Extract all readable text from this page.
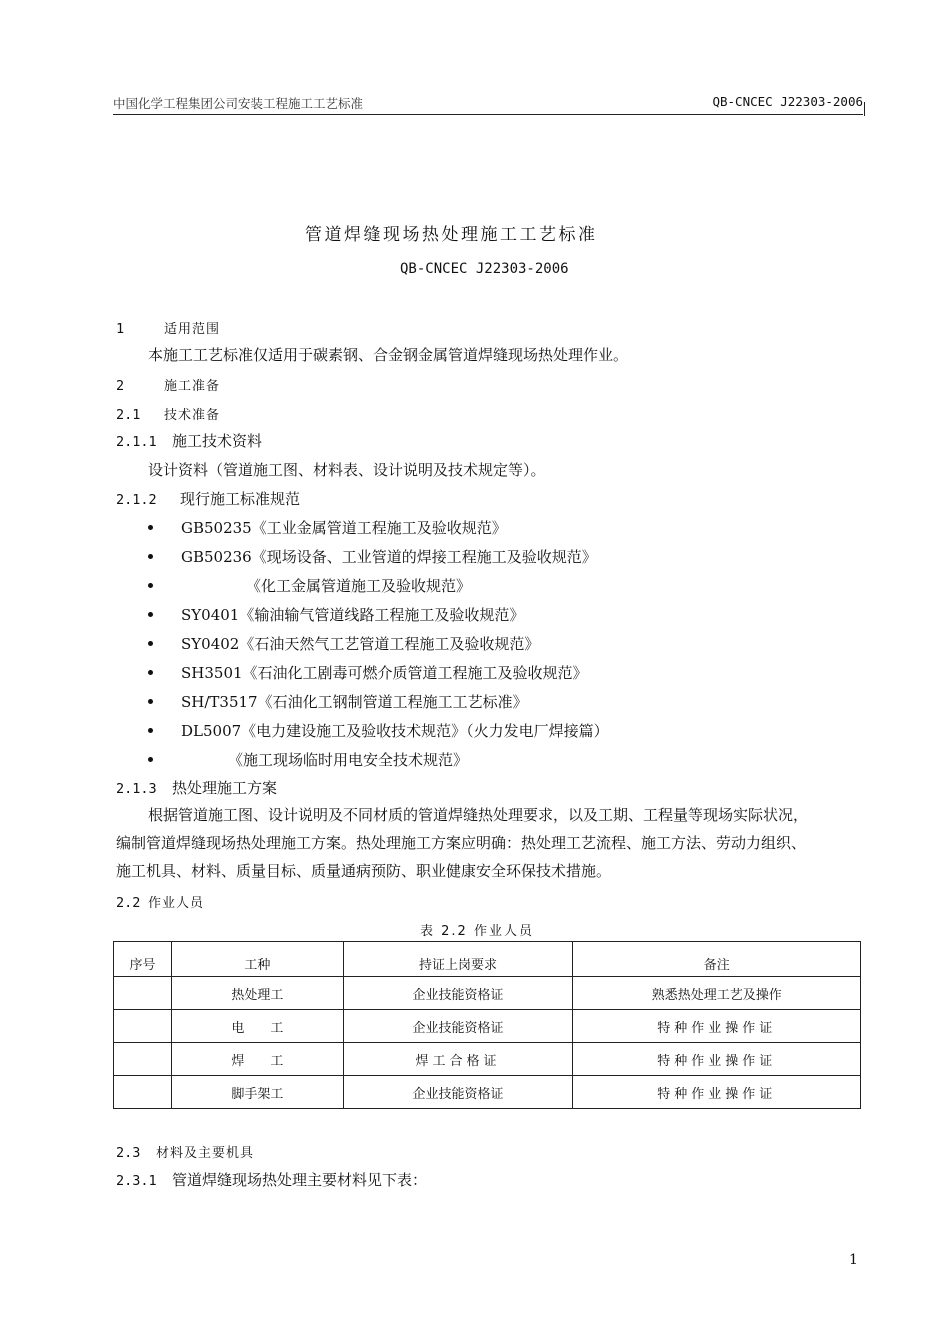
中国化学工程集团公司安装工程施工工艺标准	QB-CNCEC J22303-2006
管道焊缝现场热处理施工工艺标准
QB-CNCEC J22303-2006
1	适用范围
本施工工艺标准仅适用于碳素钢、合金钢金属管道焊缝现场热处理作业。
2	施工准备
2.1 技术准备
2.1.1 施工技术资料
设计资料（管道施工图、材料表、设计说明及技术规定等）。
2.1.2 现行施工标准规范
GB50235《工业金属管道工程施工及验收规范》
GB50236《现场设备、工业管道的焊接工程施工及验收规范》
《化工金属管道施工及验收规范》
SY0401《输油输气管道线路工程施工及验收规范》
SY0402《石油天然气工艺管道工程施工及验收规范》
SH3501《石油化工剧毒可燃介质管道工程施工及验收规范》
SH/T3517《石油化工钢制管道工程施工工艺标准》
DL5007《电力建设施工及验收技术规范》（火力发电厂焊接篇）
《施工现场临时用电安全技术规范》
2.1.3 热处理施工方案
根据管道施工图、设计说明及不同材质的管道焊缝热处理要求，以及工期、工程量等现场实际状况，
编制管道焊缝现场热处理施工方案。热处理施工方案应明确：热处理工艺流程、施工方法、劳动力组织、
施工机具、材料、质量目标、质量通病预防、职业健康安全环保技术措施。
2.2 作业人员
表 2.2 作业人员
序号	工种	持证上岗要求	备注
	热处理工	企业技能资格证	熟悉热处理工艺及操作
	电　　工	企业技能资格证	特种作业操作证
	焊　　工	焊工合格证	特种作业操作证
	脚手架工	企业技能资格证	特种作业操作证
2.3 材料及主要机具
2.3.1 管道焊缝现场热处理主要材料见下表：
1
